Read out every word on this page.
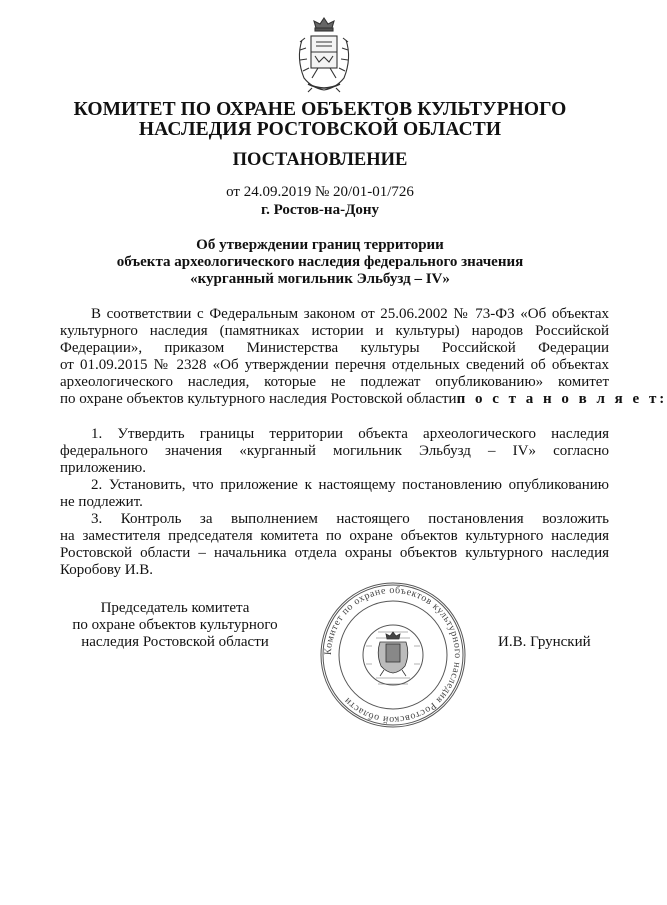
КОМИТЕТ ПО ОХРАНЕ ОБЪЕКТОВ КУЛЬТУРНОГО
НАСЛЕДИЯ РОСТОВСКОЙ ОБЛАСТИ
ПОСТАНОВЛЕНИЕ
от 24.09.2019 № 20/01-01/726
г. Ростов-на-Дону
Об утверждении границ территории
объекта археологического наследия федерального значения
«курганный могильник Эльбузд – IV»
В соответствии с Федеральным законом от 25.06.2002 № 73-ФЗ «Об объектах
культурного наследия (памятниках истории и культуры) народов Российской
Федерации», приказом Министерства культуры Российской Федерации
от 01.09.2015 № 2328 «Об утверждении перечня отдельных сведений об объектах
археологического наследия, которые не подлежат опубликованию» комитет
по охране объектов культурного наследия Ростовской области п о с т а н о в л я е т:
1. Утвердить границы территории объекта археологического наследия
федерального значения «курганный могильник Эльбузд – IV» согласно
приложению.
2. Установить, что приложение к настоящему постановлению опубликованию
не подлежит.
3. Контроль за выполнением настоящего постановления возложить
на заместителя председателя комитета по охране объектов культурного наследия
Ростовской области – начальника отдела охраны объектов культурного наследия
Коробову И.В.
Комитет по охране объектов культурного наследия Ростовской области
Председатель комитета
по охране объектов культурного
наследия Ростовской области	И.В. Грунский
